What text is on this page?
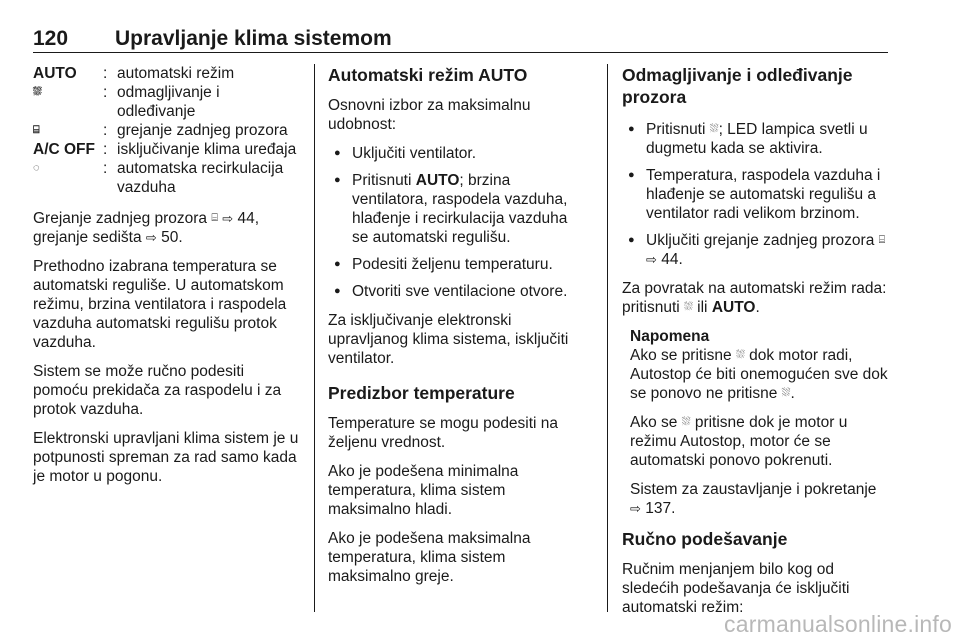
120 Upravljanje klima sistemom
AUTO	: automatski režim
⛆	: odmagljivanje i odleđivanje
⌸	: grejanje zadnjeg prozora
A/C OFF : isključivanje klima uređaja
◌	: automatska recirkulacija vazduha

Grejanje zadnjeg prozora ⌸ ⇨ 44, grejanje sedišta ⇨ 50.

Prethodno izabrana temperatura se automatski reguliše. U automatskom režimu, brzina ventilatora i raspodela vazduha automatski regulišu protok vazduha.

Sistem se može ručno podesiti pomoću prekidača za raspodelu i za protok vazduha.

Elektronski upravljani klima sistem je u potpunosti spreman za rad samo kada je motor u pogonu.

Automatski režim AUTO

Osnovni izbor za maksimalnu udobnost:

● Uključiti ventilator.
● Pritisnuti AUTO; brzina ventilatora, raspodela vazduha, hlađenje i recirkulacija vazduha se automatski regulišu.
● Podesiti željenu temperaturu.
● Otvoriti sve ventilacione otvore.

Za isključivanje elektronski upravljanog klima sistema, isključiti ventilator.

Predizbor temperature

Temperature se mogu podesiti na željenu vrednost.

Ako je podešena minimalna temperatura, klima sistem maksimalno hladi.

Ako je podešena maksimalna temperatura, klima sistem maksimalno greje.

Odmagljivanje i odleđivanje prozora
● Pritisnuti ⛆; LED lampica svetli u dugmetu kada se aktivira.
● Temperatura, raspodela vazduha i hlađenje se automatski regulišu a ventilator radi velikom brzinom.
● Uključiti grejanje zadnjeg prozora ⌸ ⇨ 44.

Za povratak na automatski režim rada: pritisnuti ⛆ ili AUTO.

Napomena

Ako se pritisne ⛆ dok motor radi, Autostop će biti onemogućen sve dok se ponovo ne pritisne ⛆.

Ako se ⛆ pritisne dok je motor u režimu Autostop, motor će se automatski ponovo pokrenuti.

Sistem za zaustavljanje i pokretanje ⇨ 137.

Ručno podešavanje

Ručnim menjanjem bilo kog od sledećih podešavanja će isključiti automatski režim:

carmanualsonline.info
